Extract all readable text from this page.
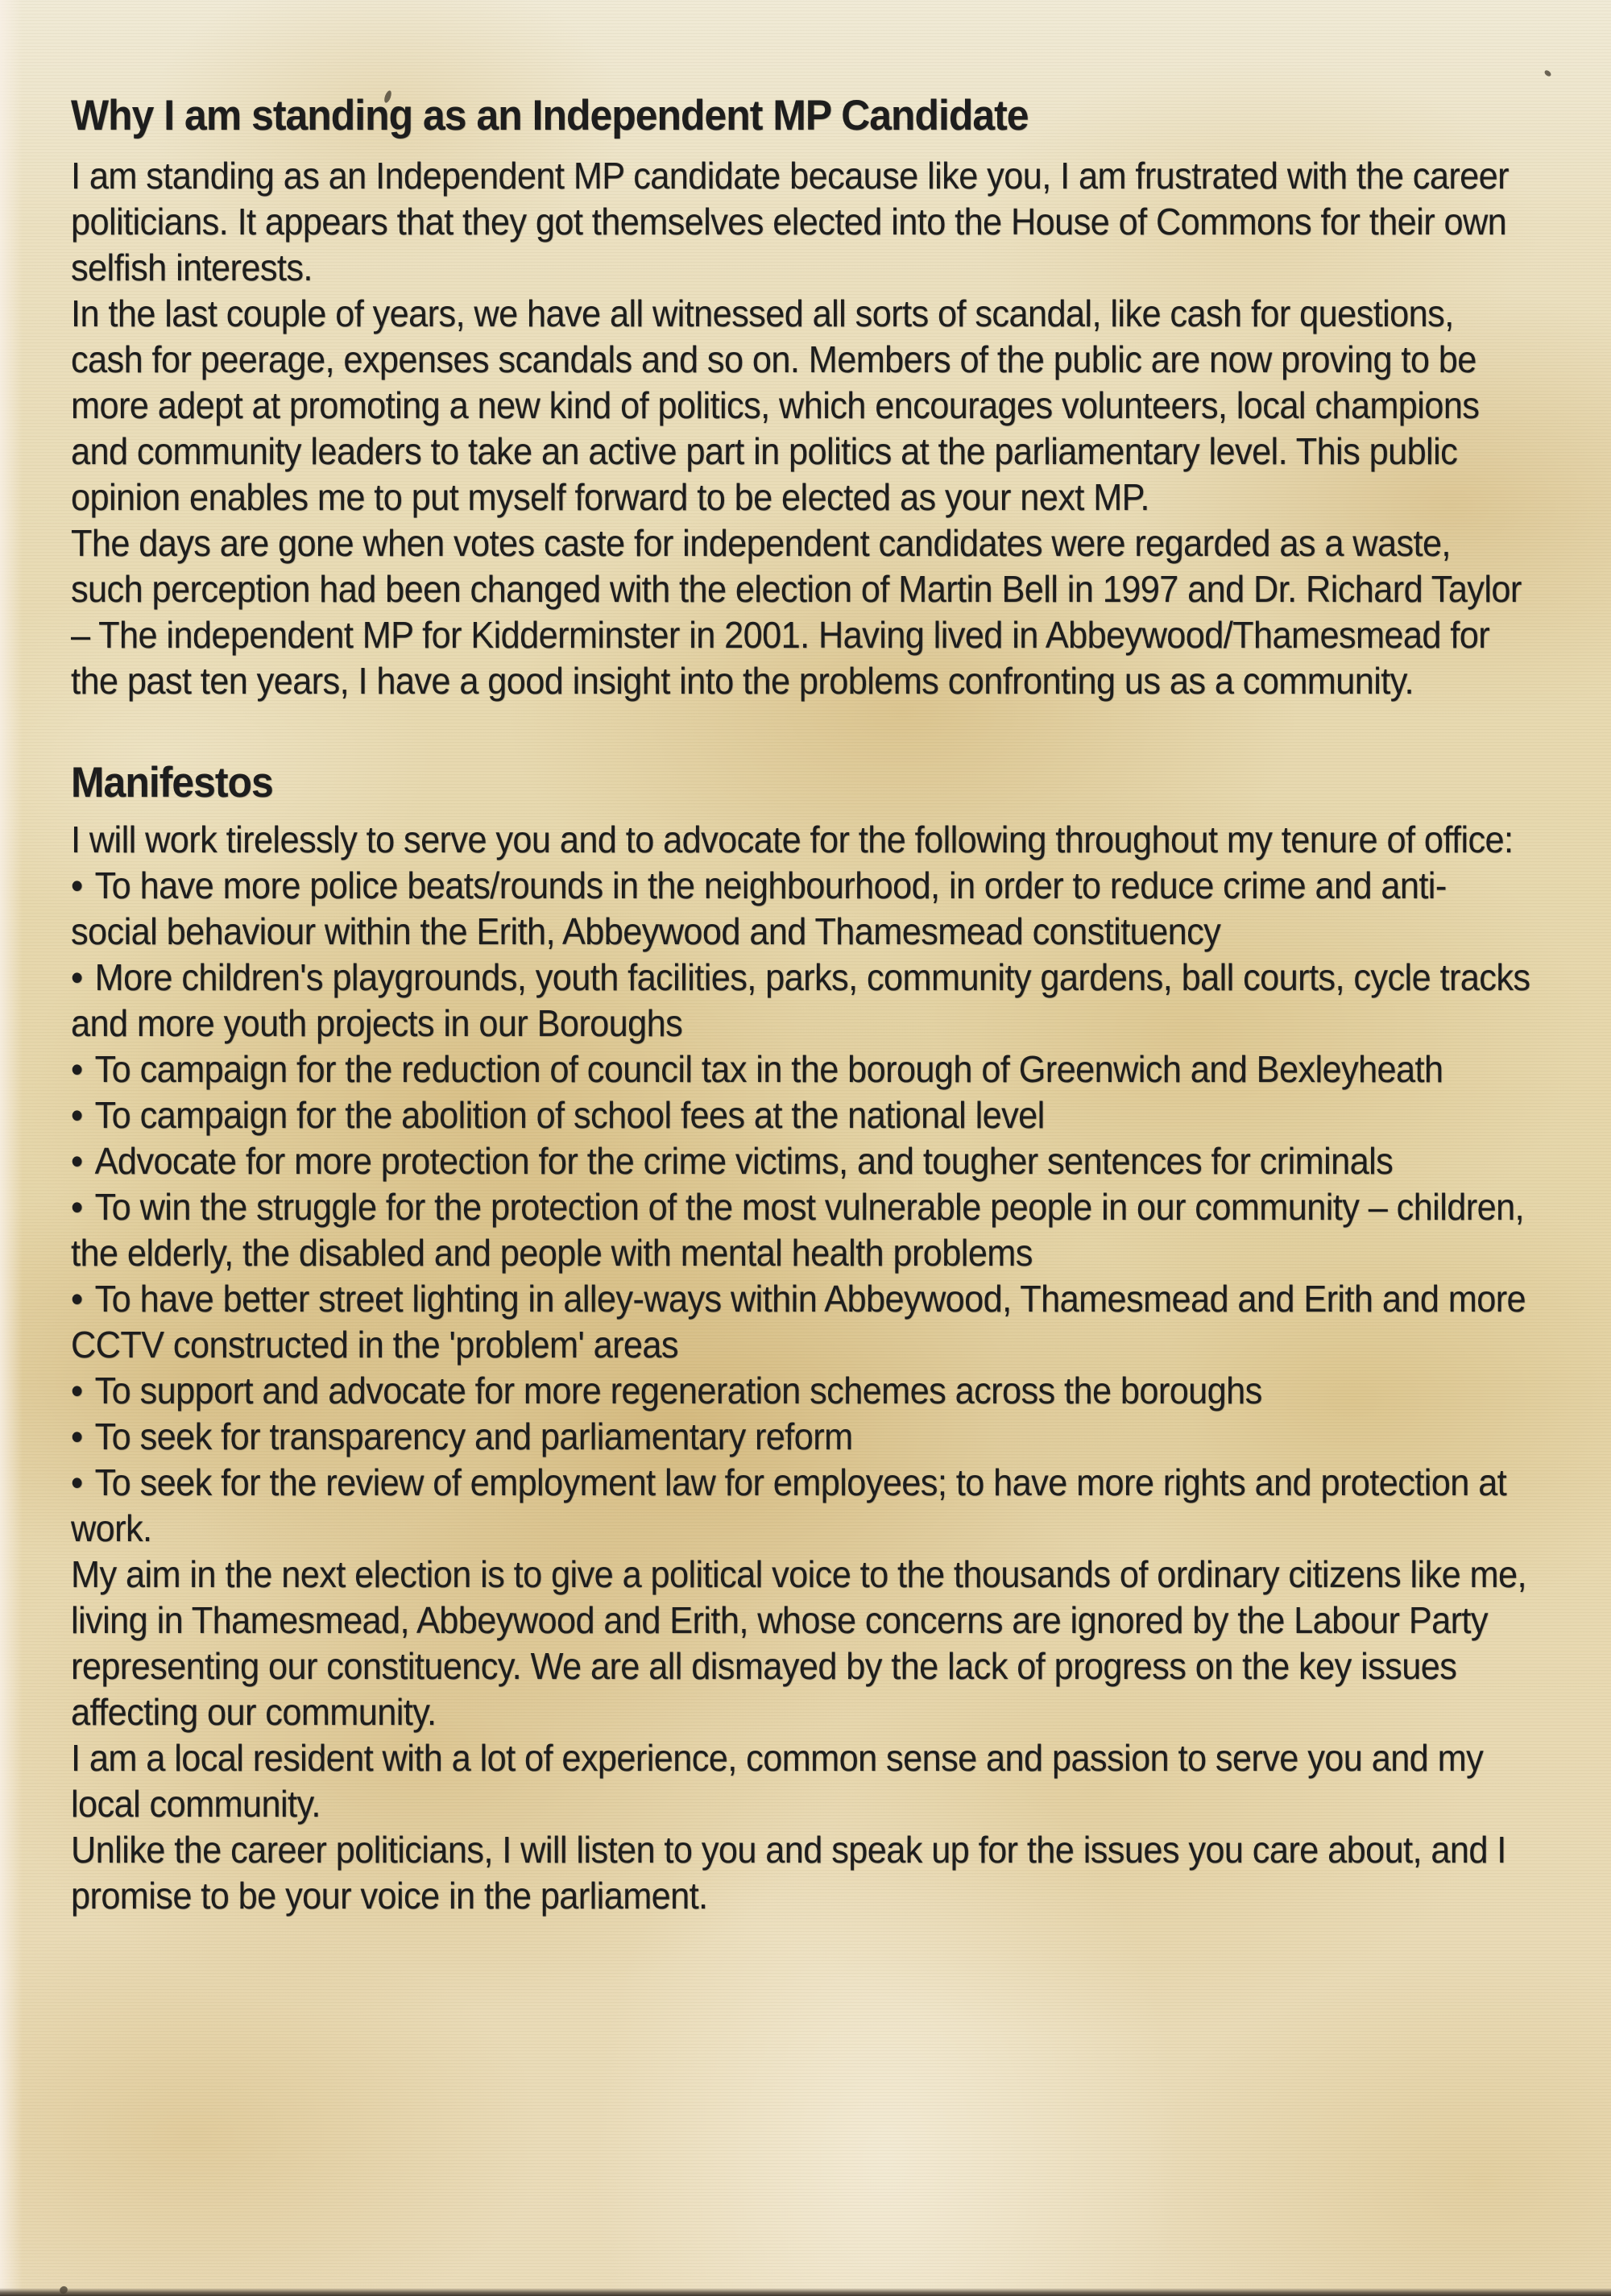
Why I am standing as an Independent MP Candidate

I am standing as an Independent MP candidate because like you, I am frustrated with the career politicians. It appears that they got themselves elected into the House of Commons for their own selfish interests.

In the last couple of years, we have all witnessed all sorts of scandal, like cash for questions, cash for peerage, expenses scandals and so on. Members of the public are now proving to be more adept at promoting a new kind of politics, which encourages volunteers, local champions and community leaders to take an active part in politics at the parliamentary level. This public opinion enables me to put myself forward to be elected as your next MP.

The days are gone when votes caste for independent candidates were regarded as a waste,  such perception had been changed with the election of Martin Bell in 1997 and Dr. Richard Taylor – The independent MP for Kidderminster in 2001. Having lived in Abbeywood/Thamesmead for the past ten years, I have a good insight into the problems confronting us as a community.

Manifestos

I will work tirelessly to serve you and to advocate for the following throughout my tenure of office:

• To have more police beats/rounds in the neighbourhood, in order to reduce crime and anti-social behaviour within the Erith, Abbeywood and Thamesmead constituency
• More children's playgrounds, youth facilities, parks, community gardens, ball courts, cycle tracks and more youth projects in our Boroughs
• To campaign for the reduction of council tax in the borough of Greenwich and Bexleyheath
• To campaign for the abolition of school fees at the national level
• Advocate for more protection for the crime victims, and tougher sentences for criminals
• To win the struggle for the protection of the most vulnerable people in our community – children, the elderly, the disabled and people with mental health problems
• To have better street lighting in alley-ways within Abbeywood, Thamesmead and Erith and more CCTV constructed in the 'problem' areas
• To support and advocate for more regeneration schemes across the boroughs
• To seek for transparency and parliamentary reform
• To seek for the review of employment law for employees; to have more rights and protection at work.

My aim in the next election is to give a political voice to the thousands of ordinary citizens like me, living in Thamesmead, Abbeywood and Erith, whose concerns are ignored by the Labour Party representing our constituency. We are all dismayed by the lack of progress on the key issues affecting our community.

I am a local resident with a lot of experience, common sense and passion to serve you and my local community.

Unlike the career politicians, I will listen to you and speak up for the issues you care about, and I promise to be your voice in the parliament.
